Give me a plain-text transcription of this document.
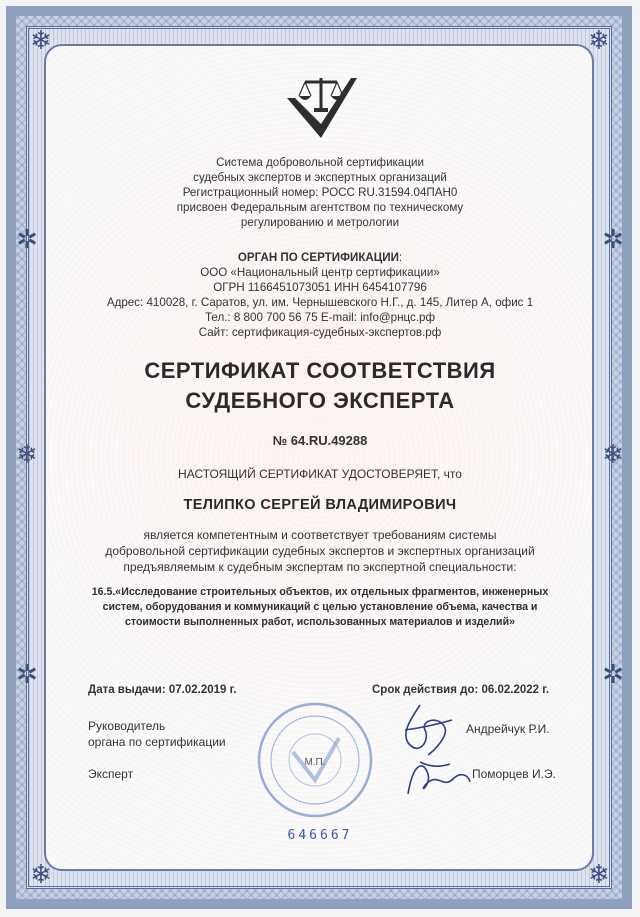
❄	❄
❄	❄
❄	❄
✲	✲
✲	✲
Система добровольной сертификации
судебных экспертов и экспертных организаций
Регистрационный номер: РОСС RU.31594.04ПАН0
присвоен Федеральным агентством по техническому
регулированию и метрологии
ОРГАН ПО СЕРТИФИКАЦИИ:
ООО «Национальный центр сертификации»
ОГРН 1166451073051 ИНН 6454107796
Адрес: 410028, г. Саратов, ул. им. Чернышевского Н.Г., д. 145, Литер А, офис 1
Тел.: 8 800 700 56 75 E-mail: info@рнцс.рф
Сайт: сертификация-судебных-экспертов.рф
СЕРТИФИКАТ СООТВЕТСТВИЯ
СУДЕБНОГО ЭКСПЕРТА
№ 64.RU.49288
НАСТОЯЩИЙ СЕРТИФИКАТ УДОСТОВЕРЯЕТ, что
ТЕЛИПКО СЕРГЕЙ ВЛАДИМИРОВИЧ
является компетентным и соответствует требованиям системы
добровольной сертификации судебных экспертов и экспертных организаций
предъявляемым к судебным экспертам по экспертной специальности:
16.5.«Исследование строительных объектов, их отдельных фрагментов, инженерных
систем, оборудования и коммуникаций с целью установление объема, качества и
стоимости выполненных работ, использованных материалов и изделий»
Дата выдачи: 07.02.2019 г.	Срок действия до: 06.02.2022 г.
Руководитель
органа по сертификации
Андрейчук Р.И.
Эксперт	Поморцев И.Э.
М.П.
646667
